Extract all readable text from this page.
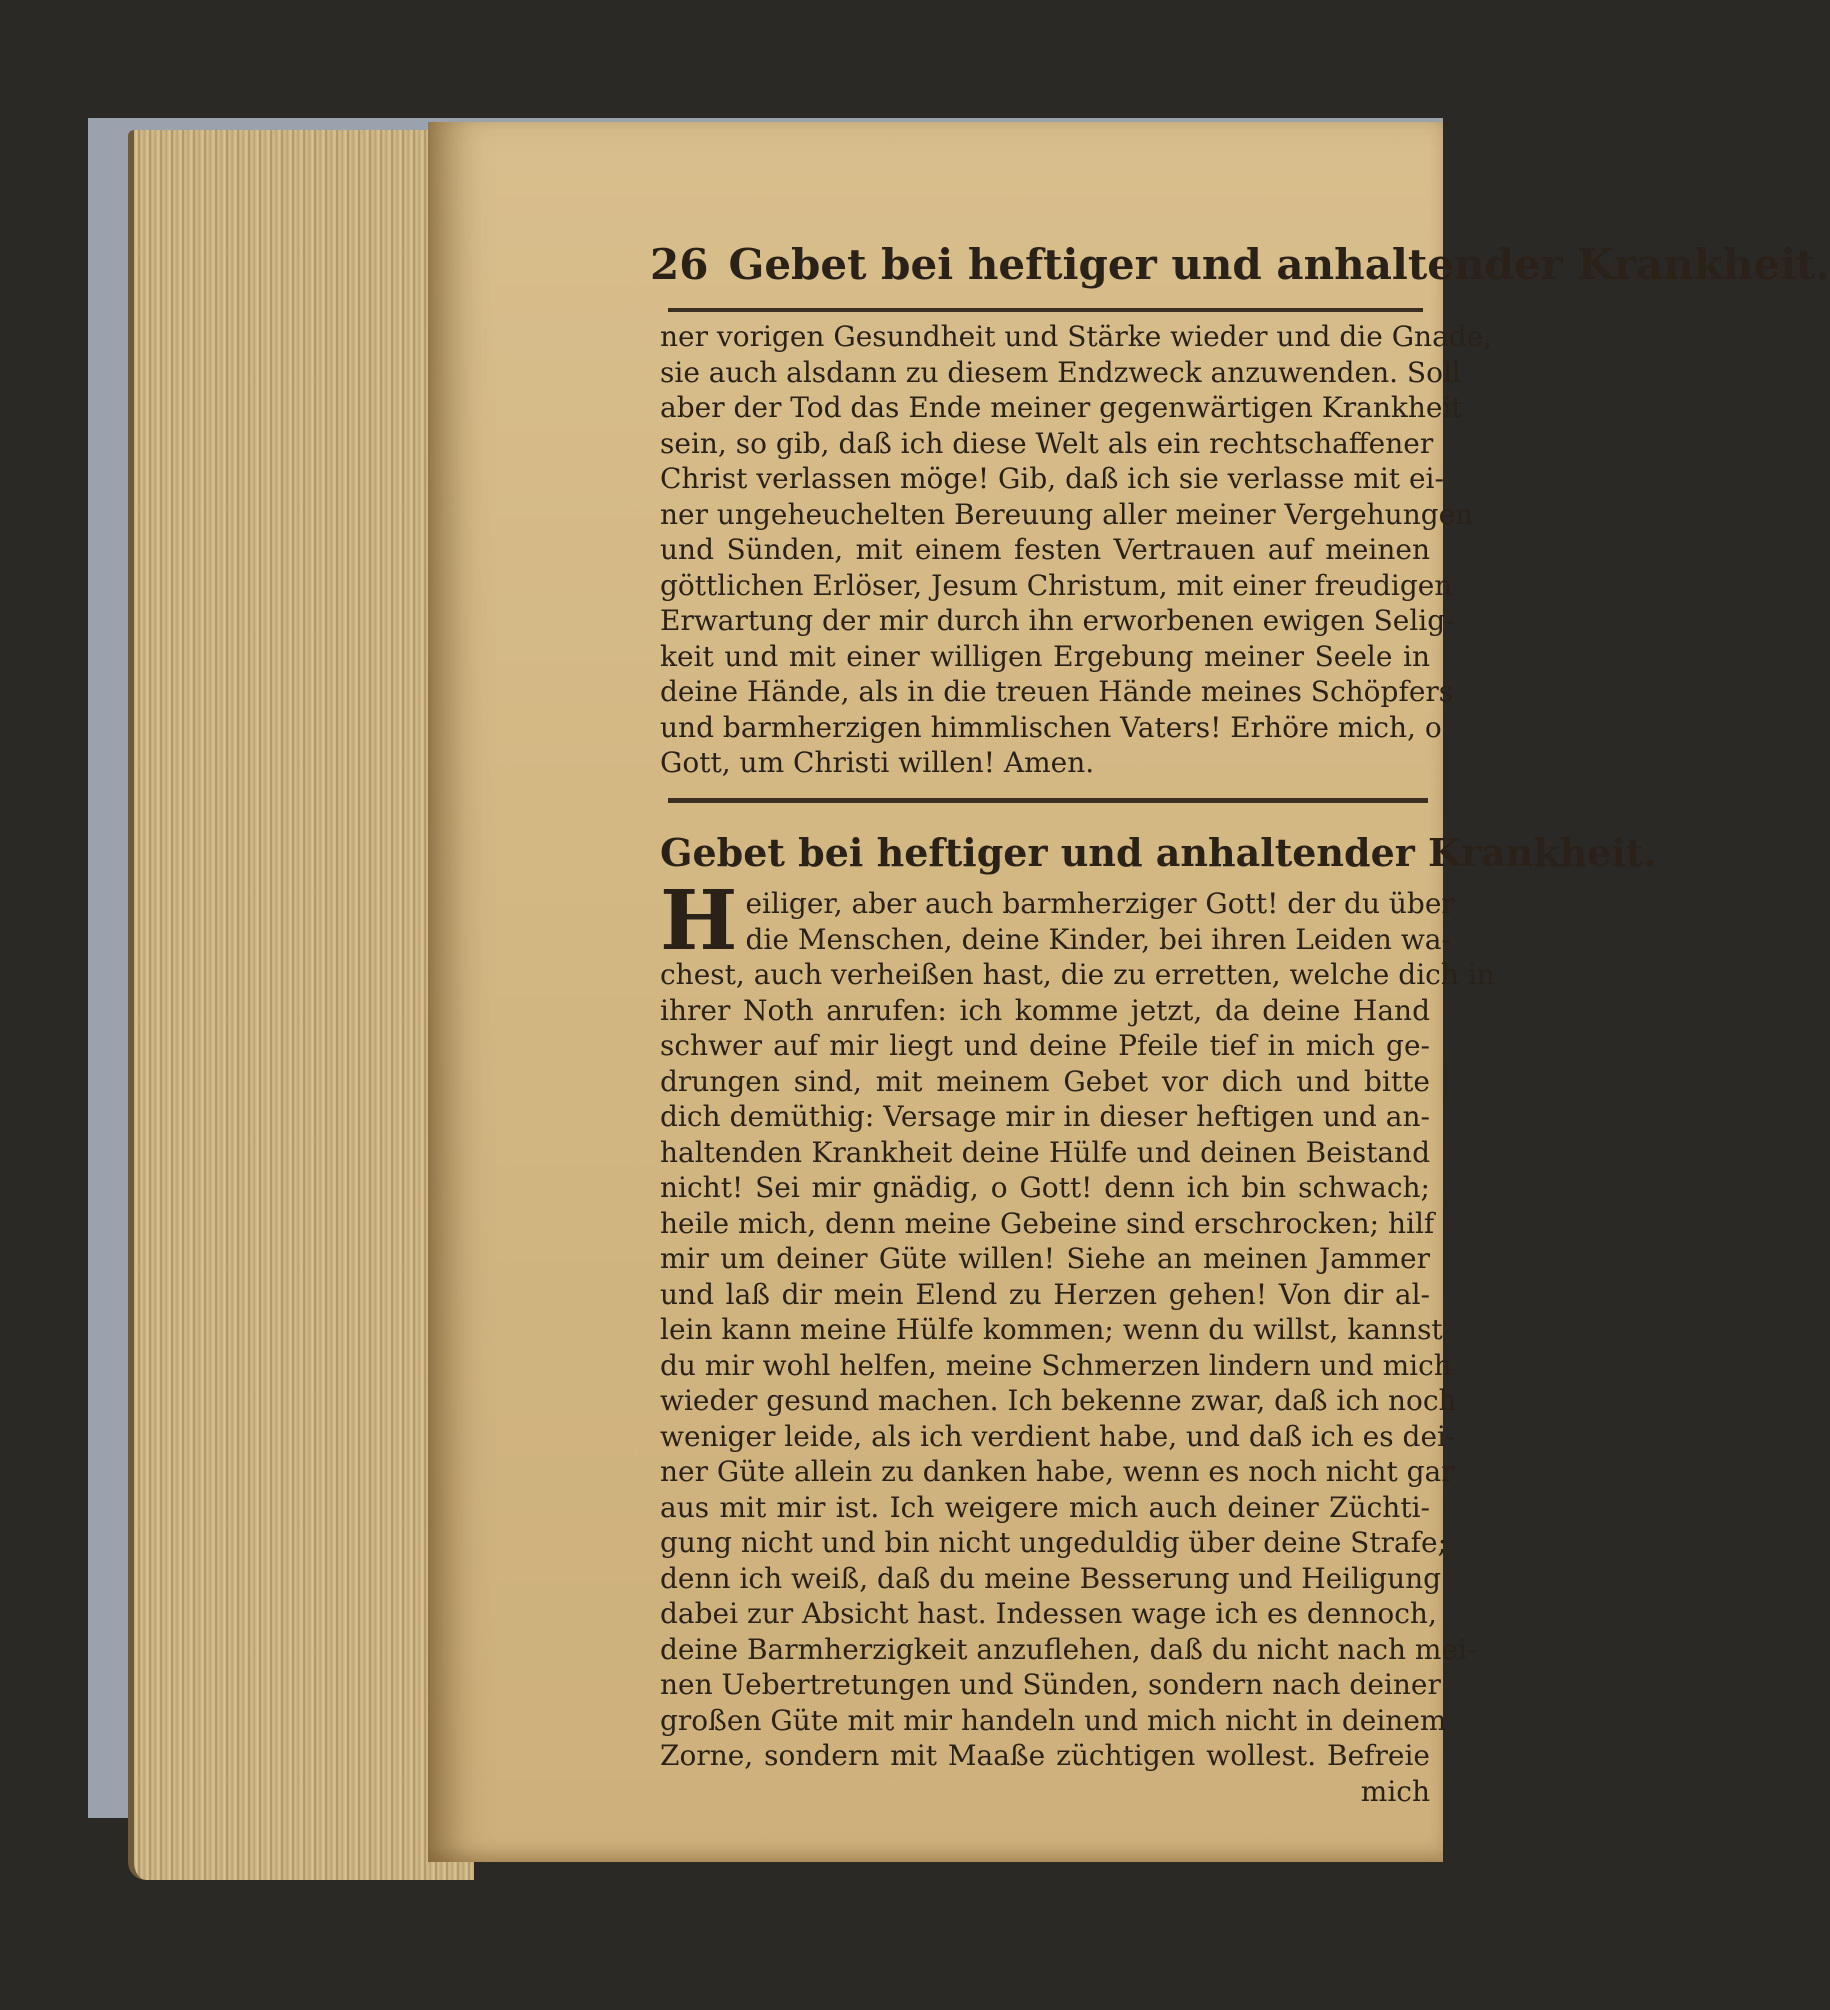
26 Gebet bei heftiger und anhaltender Krankheit.
ner vorigen Gesundheit und Stärke wieder und die Gnade,
sie auch alsdann zu diesem Endzweck anzuwenden. Soll
aber der Tod das Ende meiner gegenwärtigen Krankheit
sein, so gib, daß ich diese Welt als ein rechtschaffener
Christ verlassen möge! Gib, daß ich sie verlasse mit ei-
ner ungeheuchelten Bereuung aller meiner Vergehungen
und Sünden, mit einem festen Vertrauen auf meinen
göttlichen Erlöser, Jesum Christum, mit einer freudigen
Erwartung der mir durch ihn erworbenen ewigen Selig-
keit und mit einer willigen Ergebung meiner Seele in
deine Hände, als in die treuen Hände meines Schöpfers
und barmherzigen himmlischen Vaters! Erhöre mich, o
Gott, um Christi willen! Amen.
Gebet bei heftiger und anhaltender Krankheit.
H eiliger, aber auch barmherziger Gott! der du über
die Menschen, deine Kinder, bei ihren Leiden wa-
chest, auch verheißen hast, die zu erretten, welche dich in
ihrer Noth anrufen: ich komme jetzt, da deine Hand
schwer auf mir liegt und deine Pfeile tief in mich ge-
drungen sind, mit meinem Gebet vor dich und bitte
dich demüthig: Versage mir in dieser heftigen und an-
haltenden Krankheit deine Hülfe und deinen Beistand
nicht! Sei mir gnädig, o Gott! denn ich bin schwach;
heile mich, denn meine Gebeine sind erschrocken; hilf
mir um deiner Güte willen! Siehe an meinen Jammer
und laß dir mein Elend zu Herzen gehen! Von dir al-
lein kann meine Hülfe kommen; wenn du willst, kannst
du mir wohl helfen, meine Schmerzen lindern und mich
wieder gesund machen. Ich bekenne zwar, daß ich noch
weniger leide, als ich verdient habe, und daß ich es dei-
ner Güte allein zu danken habe, wenn es noch nicht gar
aus mit mir ist. Ich weigere mich auch deiner Züchti-
gung nicht und bin nicht ungeduldig über deine Strafe;
denn ich weiß, daß du meine Besserung und Heiligung
dabei zur Absicht hast. Indessen wage ich es dennoch,
deine Barmherzigkeit anzuflehen, daß du nicht nach mei-
nen Uebertretungen und Sünden, sondern nach deiner
großen Güte mit mir handeln und mich nicht in deinem
Zorne, sondern mit Maaße züchtigen wollest. Befreie
mich
